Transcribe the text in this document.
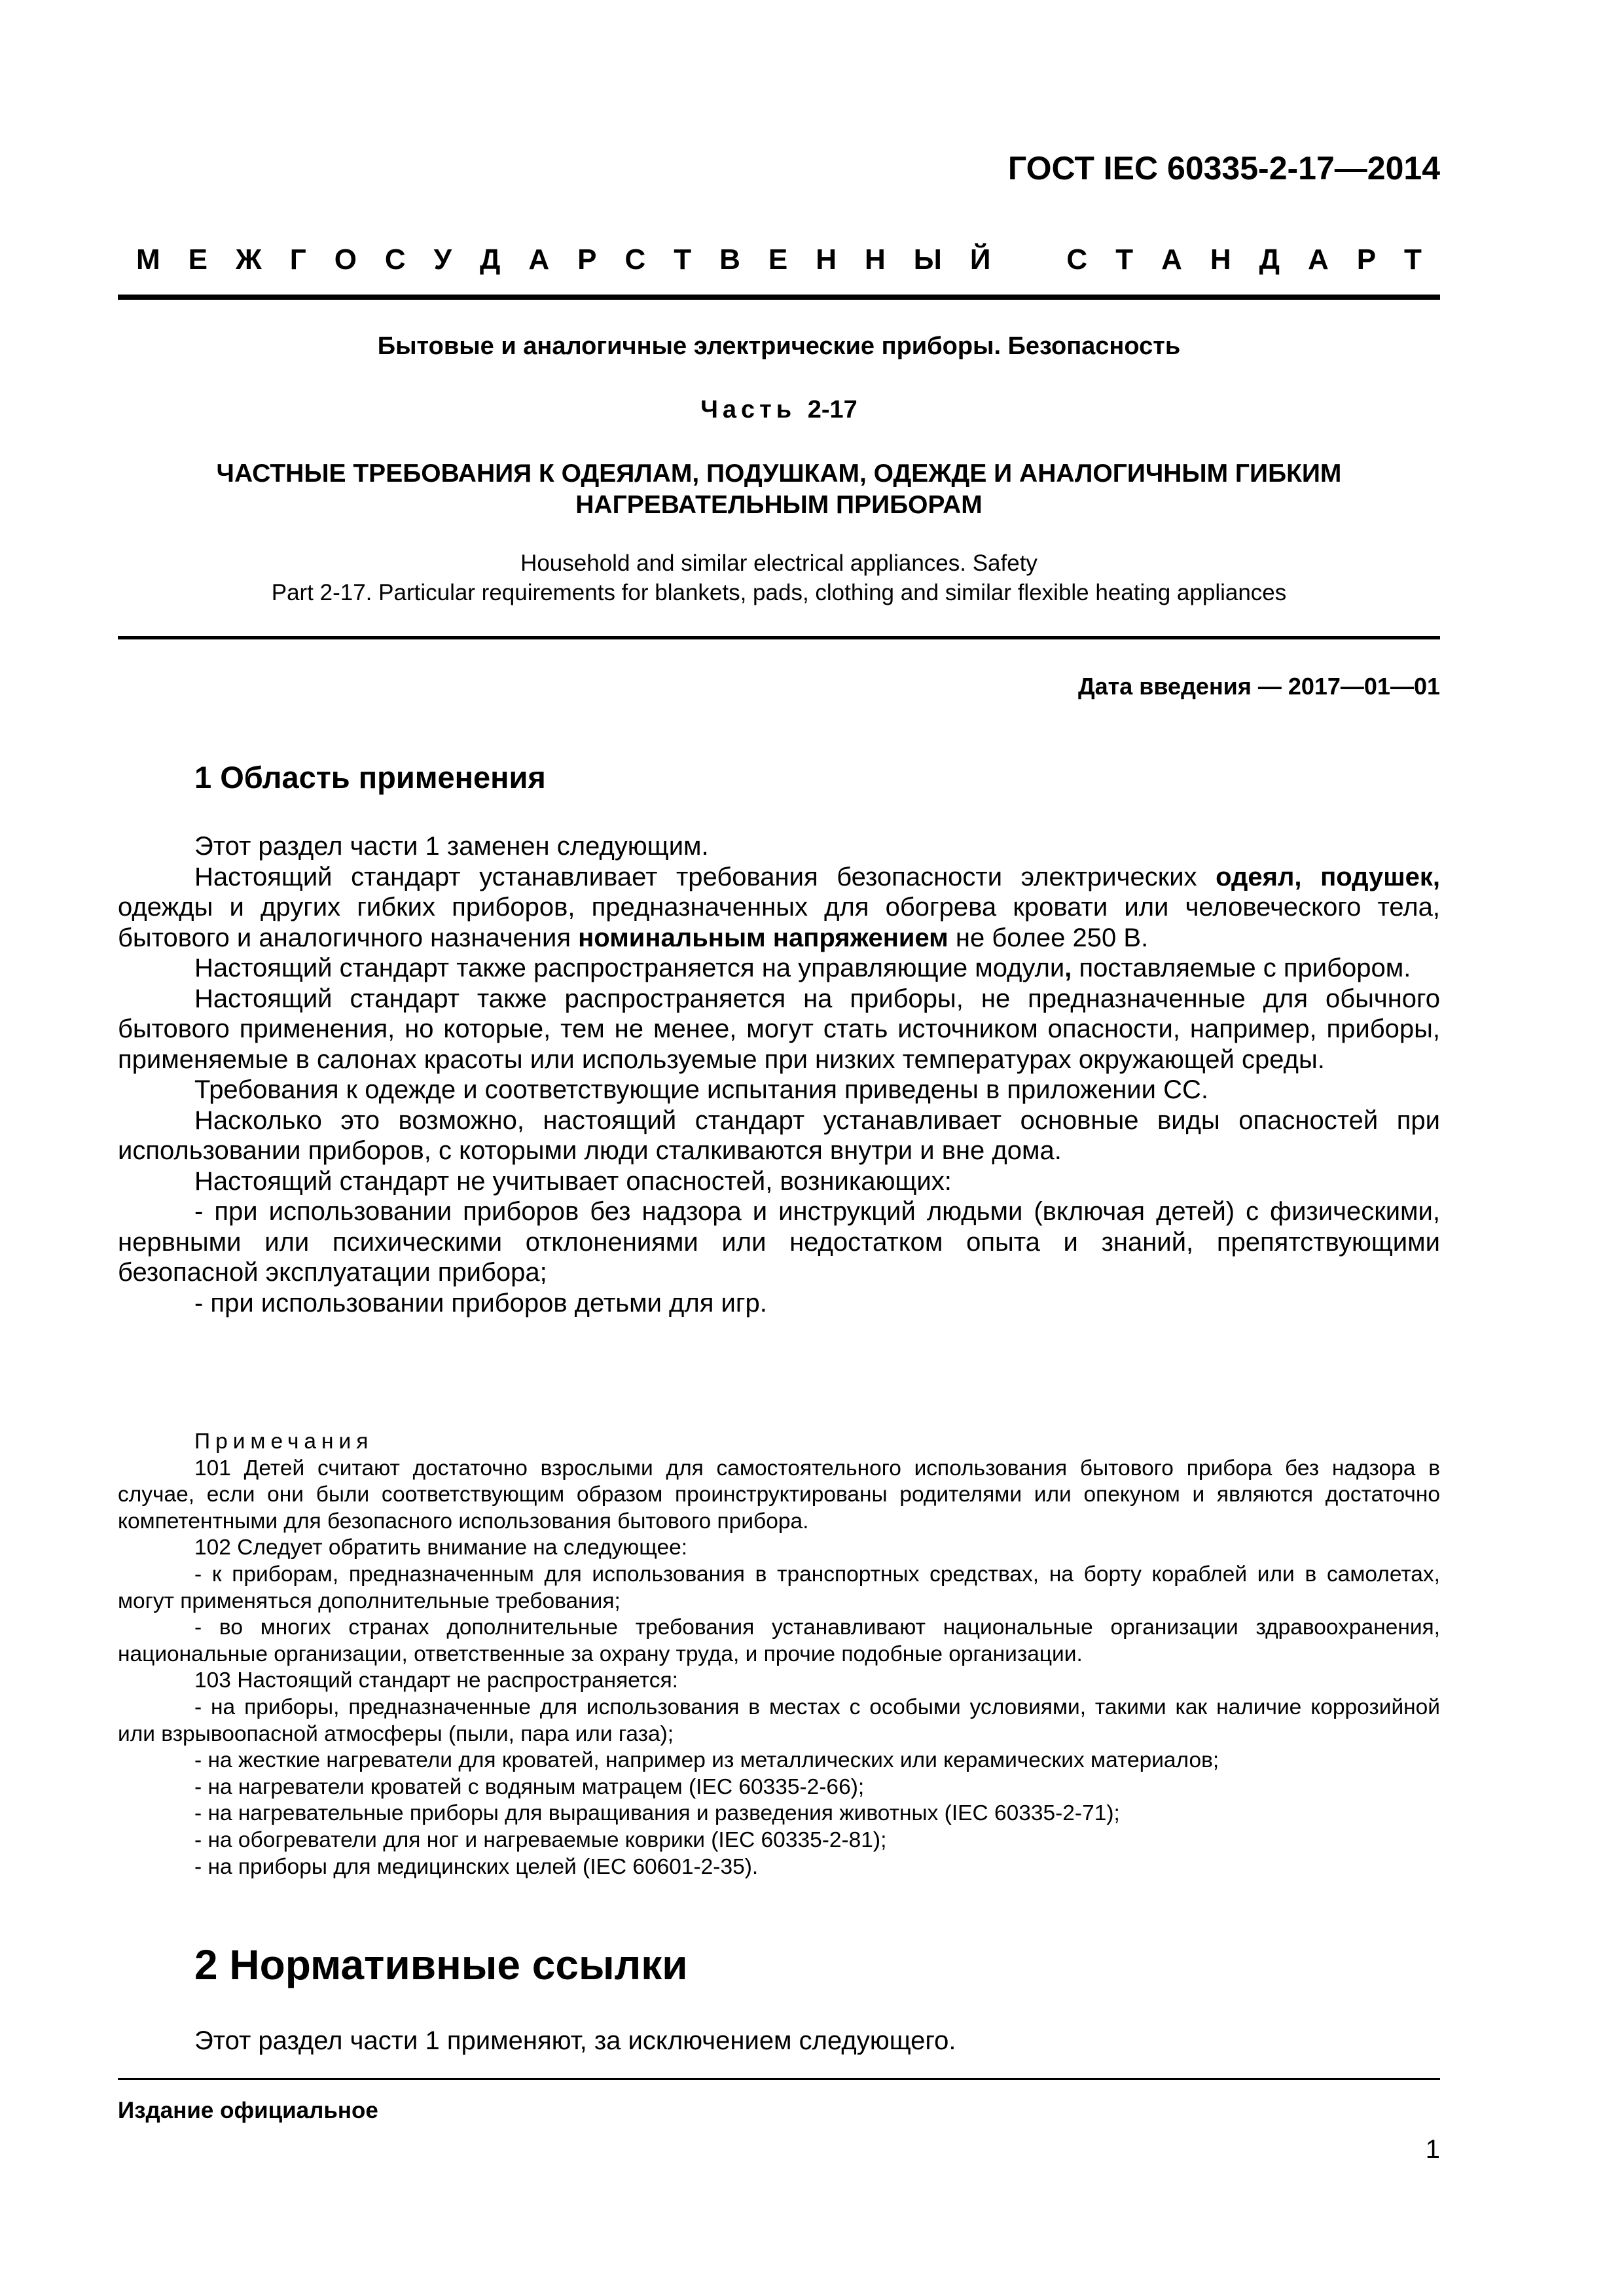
ГОСТ IEC 60335-2-17—2014
М Е Ж Г О С У Д А Р С Т В Е Н Н Ы Й	С Т А Н Д А Р Т
Бытовые и аналогичные электрические приборы. Безопасность
Часть 2-17
ЧАСТНЫЕ ТРЕБОВАНИЯ К ОДЕЯЛАМ, ПОДУШКАМ, ОДЕЖДЕ И АНАЛОГИЧНЫМ ГИБКИМ
НАГРЕВАТЕЛЬНЫМ ПРИБОРАМ
Household and similar electrical appliances. Safety
Part 2-17. Particular requirements for blankets, pads, clothing and similar flexible heating appliances
Дата введения — 2017—01—01
1 Область применения

Этот раздел части 1 заменен следующим.

Настоящий стандарт устанавливает требования безопасности электрических одеял, подушек, одежды и других гибких приборов, предназначенных для обогрева кровати или человеческого тела, бытового и аналогичного назначения номинальным напряжением не более 250 В.

Настоящий стандарт также распространяется на управляющие модули, поставляемые с прибором.

Настоящий стандарт также распространяется на приборы, не предназначенные для обычного бытового применения, но которые, тем не менее, могут стать источником опасности, например, приборы, применяемые в салонах красоты или используемые при низких температурах окружающей среды.

Требования к одежде и соответствующие испытания приведены в приложении СС.

Насколько это возможно, настоящий стандарт устанавливает основные виды опасностей при использовании приборов, с которыми люди сталкиваются внутри и вне дома.

Настоящий стандарт не учитывает опасностей, возникающих:

- при использовании приборов без надзора и инструкций людьми (включая детей) с физическими, нервными или психическими отклонениями или недостатком опыта и знаний, препятствующими безопасной эксплуатации прибора;

- при использовании приборов детьми для игр.

Примечания

101 Детей считают достаточно взрослыми для самостоятельного использования бытового прибора без надзора в случае, если они были соответствующим образом проинструктированы родителями или опекуном и являются достаточно компетентными для безопасного использования бытового прибора.

102 Следует обратить внимание на следующее:

- к приборам, предназначенным для использования в транспортных средствах, на борту кораблей или в самолетах, могут применяться дополнительные требования;

- во многих странах дополнительные требования устанавливают национальные организации здравоохранения, национальные организации, ответственные за охрану труда, и прочие подобные организации.

103 Настоящий стандарт не распространяется:

- на приборы, предназначенные для использования в местах с особыми условиями, такими как наличие коррозийной или взрывоопасной атмосферы (пыли, пара или газа);

- на жесткие нагреватели для кроватей, например из металлических или керамических материалов;

- на нагреватели кроватей с водяным матрацем (IEC 60335-2-66);

- на нагревательные приборы для выращивания и разведения животных (IEC 60335-2-71);

- на обогреватели для ног и нагреваемые коврики (IEC 60335-2-81);

- на приборы для медицинских целей (IEC 60601-2-35).

2 Нормативные ссылки

Этот раздел части 1 применяют, за исключением следующего.

Издание официальное
1
